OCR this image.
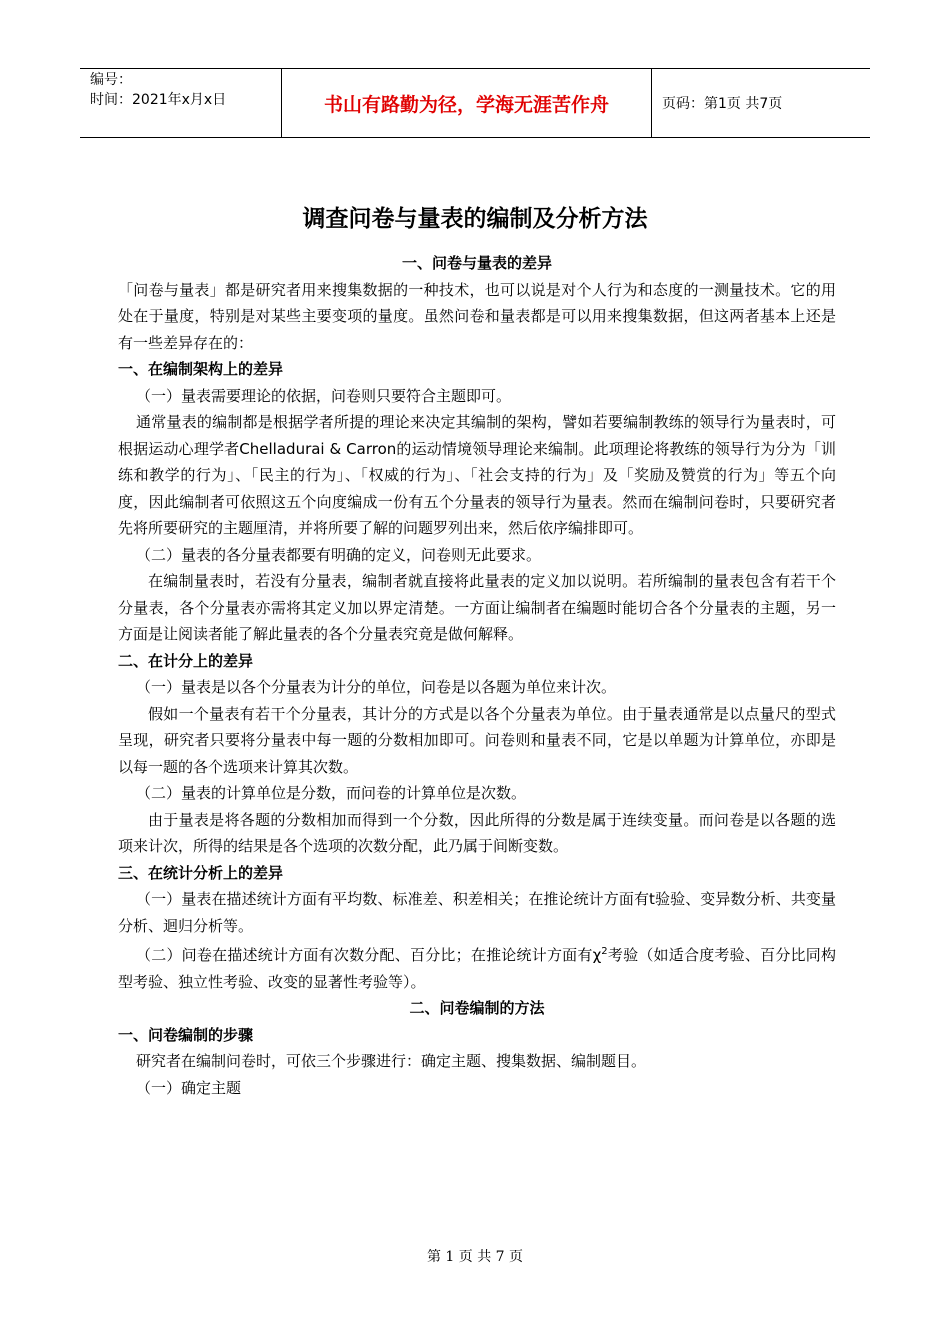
编号：
时间：2021年x月x日	书山有路勤为径，学海无涯苦作舟	页码：第1页 共7页
调查问卷与量表的编制及分析方法

一、问卷与量表的差异

「问卷与量表」都是研究者用来搜集数据的一种技术，也可以说是对个人行为和态度的一测量技术。它的用处在于量度，特别是对某些主要变项的量度。虽然问卷和量表都是可以用来搜集数据，但这两者基本上还是有一些差异存在的：

一、在编制架构上的差异

（一）量表需要理论的依据，问卷则只要符合主题即可。

通常量表的编制都是根据学者所提的理论来决定其编制的架构，譬如若要编制教练的领导行为量表时，可根据运动心理学者Chelladurai & Carron的运动情境领导理论来编制。此项理论将教练的领导行为分为「训练和教学的行为」、「民主的行为」、「权威的行为」、「社会支持的行为」及「奖励及赞赏的行为」等五个向度，因此编制者可依照这五个向度编成一份有五个分量表的领导行为量表。然而在编制问卷时，只要研究者先将所要研究的主题厘清，并将所要了解的问题罗列出来，然后依序编排即可。

（二）量表的各分量表都要有明确的定义，问卷则无此要求。

在编制量表时，若没有分量表，编制者就直接将此量表的定义加以说明。若所编制的量表包含有若干个分量表，各个分量表亦需将其定义加以界定清楚。一方面让编制者在编题时能切合各个分量表的主题，另一方面是让阅读者能了解此量表的各个分量表究竟是做何解释。

二、在计分上的差异

（一）量表是以各个分量表为计分的单位，问卷是以各题为单位来计次。

假如一个量表有若干个分量表，其计分的方式是以各个分量表为单位。由于量表通常是以点量尺的型式呈现，研究者只要将分量表中每一题的分数相加即可。问卷则和量表不同，它是以单题为计算单位，亦即是以每一题的各个选项来计算其次数。

（二）量表的计算单位是分数，而问卷的计算单位是次数。

由于量表是将各题的分数相加而得到一个分数，因此所得的分数是属于连续变量。而问卷是以各题的选项来计次，所得的结果是各个选项的次数分配，此乃属于间断变数。

三、在统计分析上的差异

（一）量表在描述统计方面有平均数、标准差、积差相关；在推论统计方面有t验验、变异数分析、共变量分析、迴归分析等。

（二）问卷在描述统计方面有次数分配、百分比；在推论统计方面有$\chi^2$考验（如适合度考验、百分比同构型考验、独立性考验、改变的显著性考验等）。

二、问卷编制的方法

一、问卷编制的步骤

研究者在编制问卷时，可依三个步骤进行：确定主题、搜集数据、编制题目。

（一）确定主题

第 1 页 共 7 页
